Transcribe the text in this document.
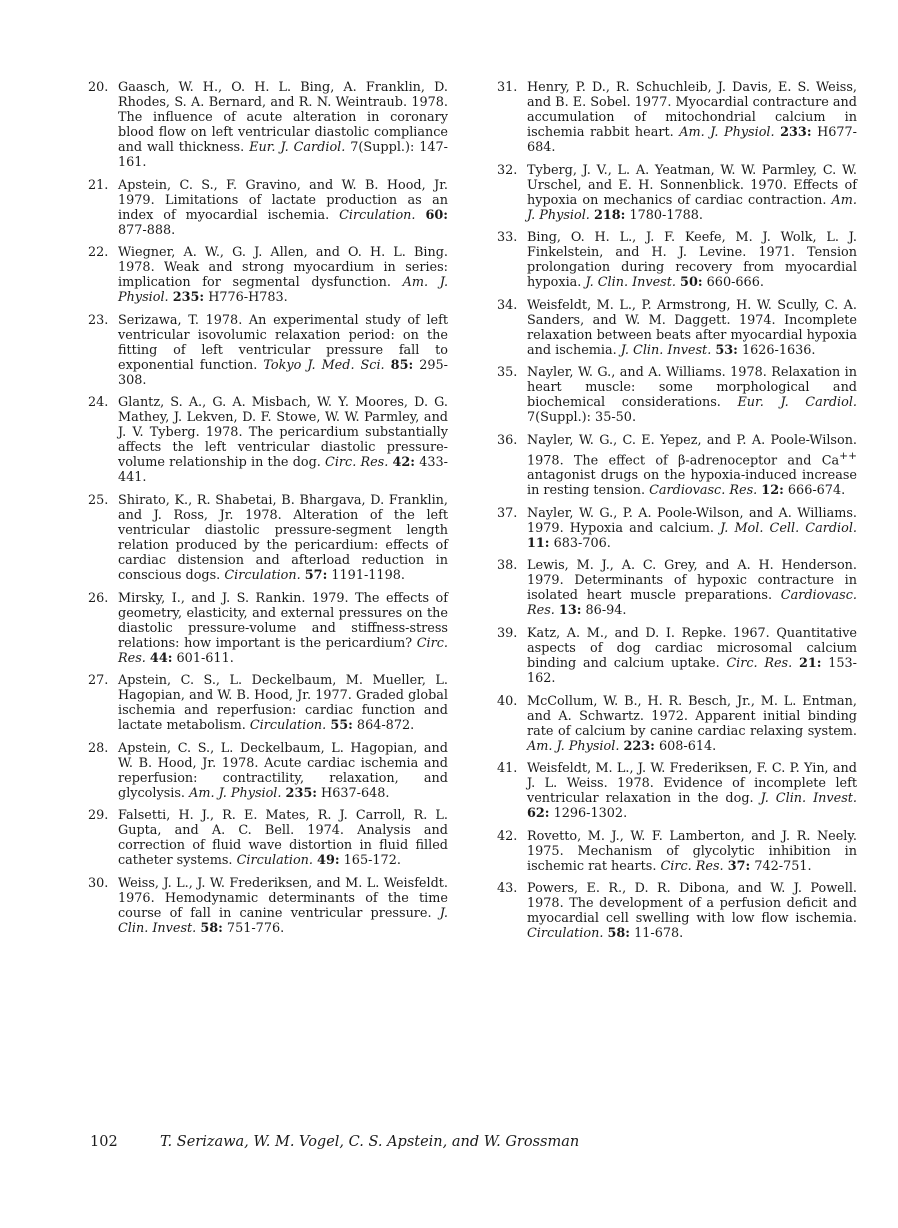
20. Gaasch, W. H., O. H. L. Bing, A. Franklin, D. Rhodes, S. A. Bernard, and R. N. Weintraub. 1978. The influence of acute alteration in coronary blood flow on left ventricular diastolic compliance and wall thickness. Eur. J. Cardiol. 7(Suppl.): 147-161.
21. Apstein, C. S., F. Gravino, and W. B. Hood, Jr. 1979. Limitations of lactate production as an index of myocardial ischemia. Circulation. 60: 877-888.
22. Wiegner, A. W., G. J. Allen, and O. H. L. Bing. 1978. Weak and strong myocardium in series: implication for segmental dysfunction. Am. J. Physiol. 235: H776-H783.
23. Serizawa, T. 1978. An experimental study of left ventricular isovolumic relaxation period: on the fitting of left ventricular pressure fall to exponential function. Tokyo J. Med. Sci. 85: 295-308.
24. Glantz, S. A., G. A. Misbach, W. Y. Moores, D. G. Mathey, J. Lekven, D. F. Stowe, W. W. Parmley, and J. V. Tyberg. 1978. The pericardium substantially affects the left ventricular diastolic pressure-volume relationship in the dog. Circ. Res. 42: 433-441.
25. Shirato, K., R. Shabetai, B. Bhargava, D. Franklin, and J. Ross, Jr. 1978. Alteration of the left ventricular diastolic pressure-segment length relation produced by the pericardium: effects of cardiac distension and afterload reduction in conscious dogs. Circulation. 57: 1191-1198.
26. Mirsky, I., and J. S. Rankin. 1979. The effects of geometry, elasticity, and external pressures on the diastolic pressure-volume and stiffness-stress relations: how important is the pericardium? Circ. Res. 44: 601-611.
27. Apstein, C. S., L. Deckelbaum, M. Mueller, L. Hagopian, and W. B. Hood, Jr. 1977. Graded global ischemia and reperfusion: cardiac function and lactate metabolism. Circulation. 55: 864-872.
28. Apstein, C. S., L. Deckelbaum, L. Hagopian, and W. B. Hood, Jr. 1978. Acute cardiac ischemia and reperfusion: contractility, relaxation, and glycolysis. Am. J. Physiol. 235: H637-648.
29. Falsetti, H. J., R. E. Mates, R. J. Carroll, R. L. Gupta, and A. C. Bell. 1974. Analysis and correction of fluid wave distortion in fluid filled catheter systems. Circulation. 49: 165-172.
30. Weiss, J. L., J. W. Frederiksen, and M. L. Weisfeldt. 1976. Hemodynamic determinants of the time course of fall in canine ventricular pressure. J. Clin. Invest. 58: 751-776.
31. Henry, P. D., R. Schuchleib, J. Davis, E. S. Weiss, and B. E. Sobel. 1977. Myocardial contracture and accumulation of mitochondrial calcium in ischemia rabbit heart. Am. J. Physiol. 233: H677-684.
32. Tyberg, J. V., L. A. Yeatman, W. W. Parmley, C. W. Urschel, and E. H. Sonnenblick. 1970. Effects of hypoxia on mechanics of cardiac contraction. Am. J. Physiol. 218: 1780-1788.
33. Bing, O. H. L., J. F. Keefe, M. J. Wolk, L. J. Finkelstein, and H. J. Levine. 1971. Tension prolongation during recovery from myocardial hypoxia. J. Clin. Invest. 50: 660-666.
34. Weisfeldt, M. L., P. Armstrong, H. W. Scully, C. A. Sanders, and W. M. Daggett. 1974. Incomplete relaxation between beats after myocardial hypoxia and ischemia. J. Clin. Invest. 53: 1626-1636.
35. Nayler, W. G., and A. Williams. 1978. Relaxation in heart muscle: some morphological and biochemical considerations. Eur. J. Cardiol. 7(Suppl.): 35-50.
36. Nayler, W. G., C. E. Yepez, and P. A. Poole-Wilson. 1978. The effect of β-adrenoceptor and Ca++ antagonist drugs on the hypoxia-induced increase in resting tension. Cardiovasc. Res. 12: 666-674.
37. Nayler, W. G., P. A. Poole-Wilson, and A. Williams. 1979. Hypoxia and calcium. J. Mol. Cell. Cardiol. 11: 683-706.
38. Lewis, M. J., A. C. Grey, and A. H. Henderson. 1979. Determinants of hypoxic contracture in isolated heart muscle preparations. Cardiovasc. Res. 13: 86-94.
39. Katz, A. M., and D. I. Repke. 1967. Quantitative aspects of dog cardiac microsomal calcium binding and calcium uptake. Circ. Res. 21: 153-162.
40. McCollum, W. B., H. R. Besch, Jr., M. L. Entman, and A. Schwartz. 1972. Apparent initial binding rate of calcium by canine cardiac relaxing system. Am. J. Physiol. 223: 608-614.
41. Weisfeldt, M. L., J. W. Frederiksen, F. C. P. Yin, and J. L. Weiss. 1978. Evidence of incomplete left ventricular relaxation in the dog. J. Clin. Invest. 62: 1296-1302.
42. Rovetto, M. J., W. F. Lamberton, and J. R. Neely. 1975. Mechanism of glycolytic inhibition in ischemic rat hearts. Circ. Res. 37: 742-751.
43. Powers, E. R., D. R. Dibona, and W. J. Powell. 1978. The development of a perfusion deficit and myocardial cell swelling with low flow ischemia. Circulation. 58: 11-678.
102	T. Serizawa, W. M. Vogel, C. S. Apstein, and W. Grossman
